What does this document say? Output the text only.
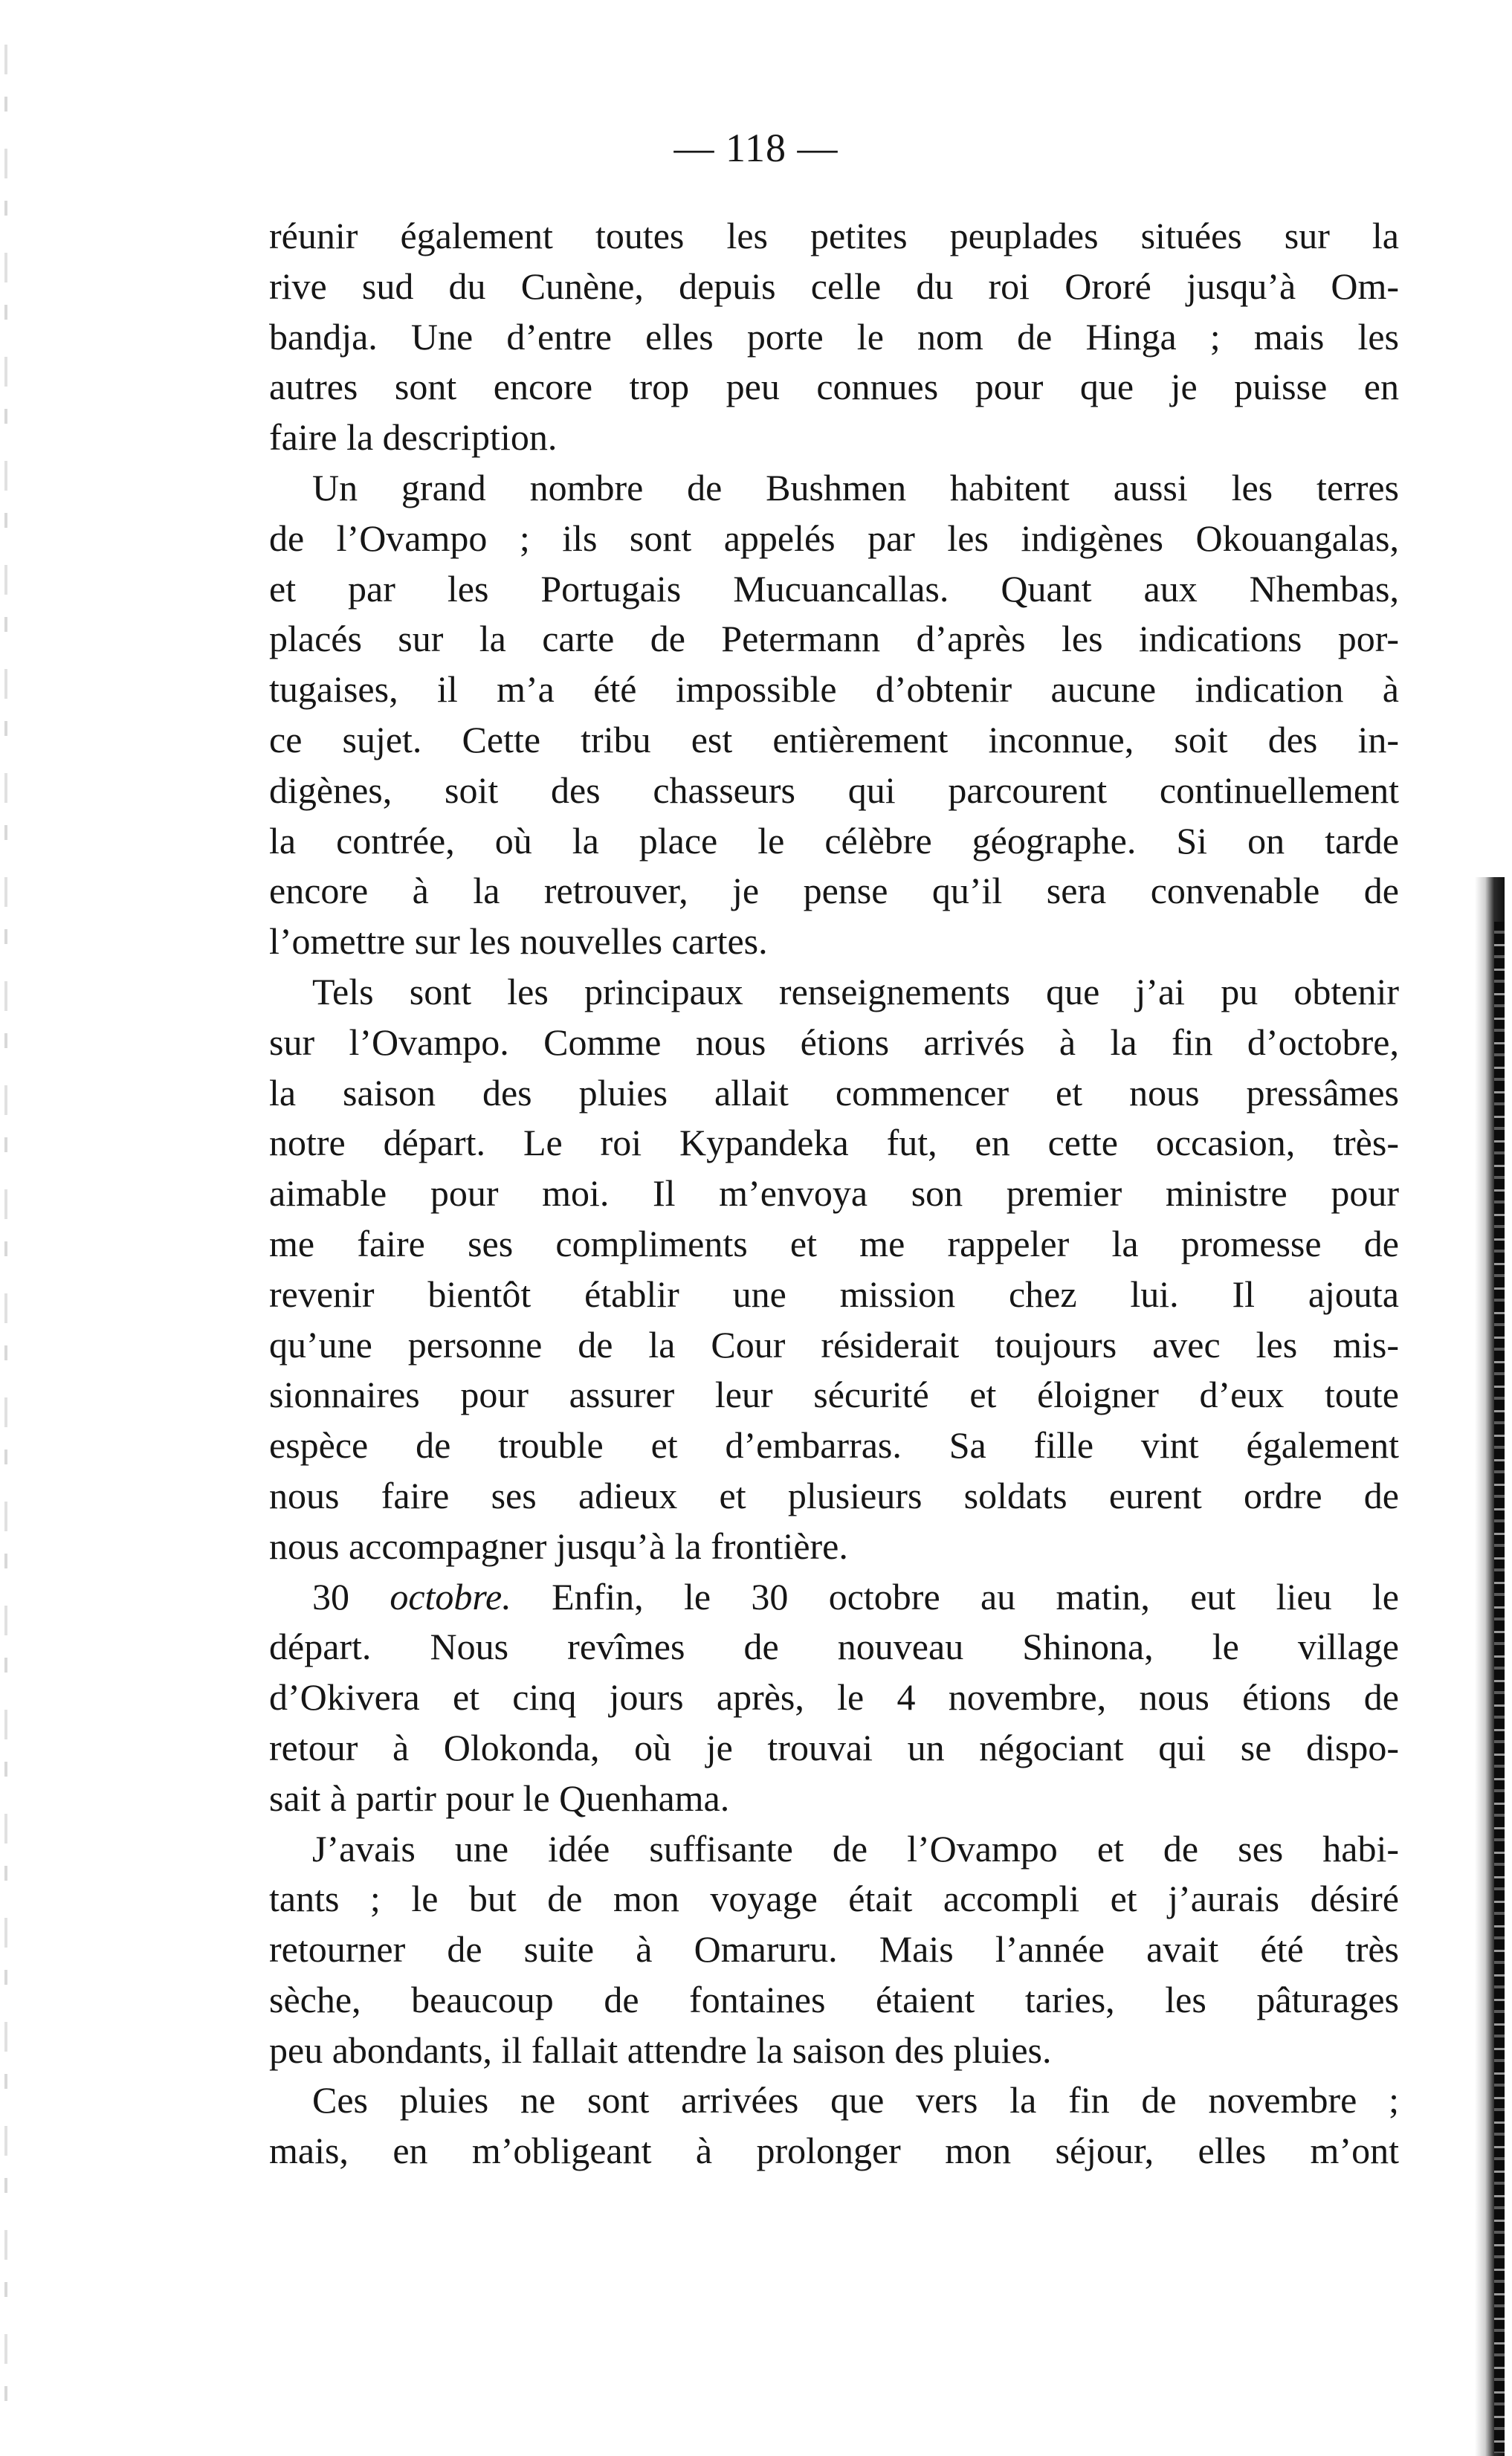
— 118 —

réunir également toutes les petites peuplades situées sur la
rive sud du Cunène, depuis celle du roi Ororé jusqu’à Om-
bandja. Une d’entre elles porte le nom de Hinga ; mais les
autres sont encore trop peu connues pour que je puisse en
faire la description.
Un grand nombre de Bushmen habitent aussi les terres
de l’Ovampo ; ils sont appelés par les indigènes Okouangalas,
et par les Portugais Mucuancallas. Quant aux Nhembas,
placés sur la carte de Petermann d’après les indications por-
tugaises, il m’a été impossible d’obtenir aucune indication à
ce sujet. Cette tribu est entièrement inconnue, soit des in-
digènes, soit des chasseurs qui parcourent continuellement
la contrée, où la place le célèbre géographe. Si on tarde
encore à la retrouver, je pense qu’il sera convenable de
l’omettre sur les nouvelles cartes.
Tels sont les principaux renseignements que j’ai pu obtenir
sur l’Ovampo. Comme nous étions arrivés à la fin d’octobre,
la saison des pluies allait commencer et nous pressâmes
notre départ. Le roi Kypandeka fut, en cette occasion, très-
aimable pour moi. Il m’envoya son premier ministre pour
me faire ses compliments et me rappeler la promesse de
revenir bientôt établir une mission chez lui. Il ajouta
qu’une personne de la Cour résiderait toujours avec les mis-
sionnaires pour assurer leur sécurité et éloigner d’eux toute
espèce de trouble et d’embarras. Sa fille vint également
nous faire ses adieux et plusieurs soldats eurent ordre de
nous accompagner jusqu’à la frontière.
30 octobre. Enfin, le 30 octobre au matin, eut lieu le
départ. Nous revîmes de nouveau Shinona, le village
d’Okivera et cinq jours après, le 4 novembre, nous étions de
retour à Olokonda, où je trouvai un négociant qui se dispo-
sait à partir pour le Quenhama.
J’avais une idée suffisante de l’Ovampo et de ses habi-
tants ; le but de mon voyage était accompli et j’aurais désiré
retourner de suite à Omaruru. Mais l’année avait été très
sèche, beaucoup de fontaines étaient taries, les pâturages
peu abondants, il fallait attendre la saison des pluies.
Ces pluies ne sont arrivées que vers la fin de novembre ;
mais, en m’obligeant à prolonger mon séjour, elles m’ont
